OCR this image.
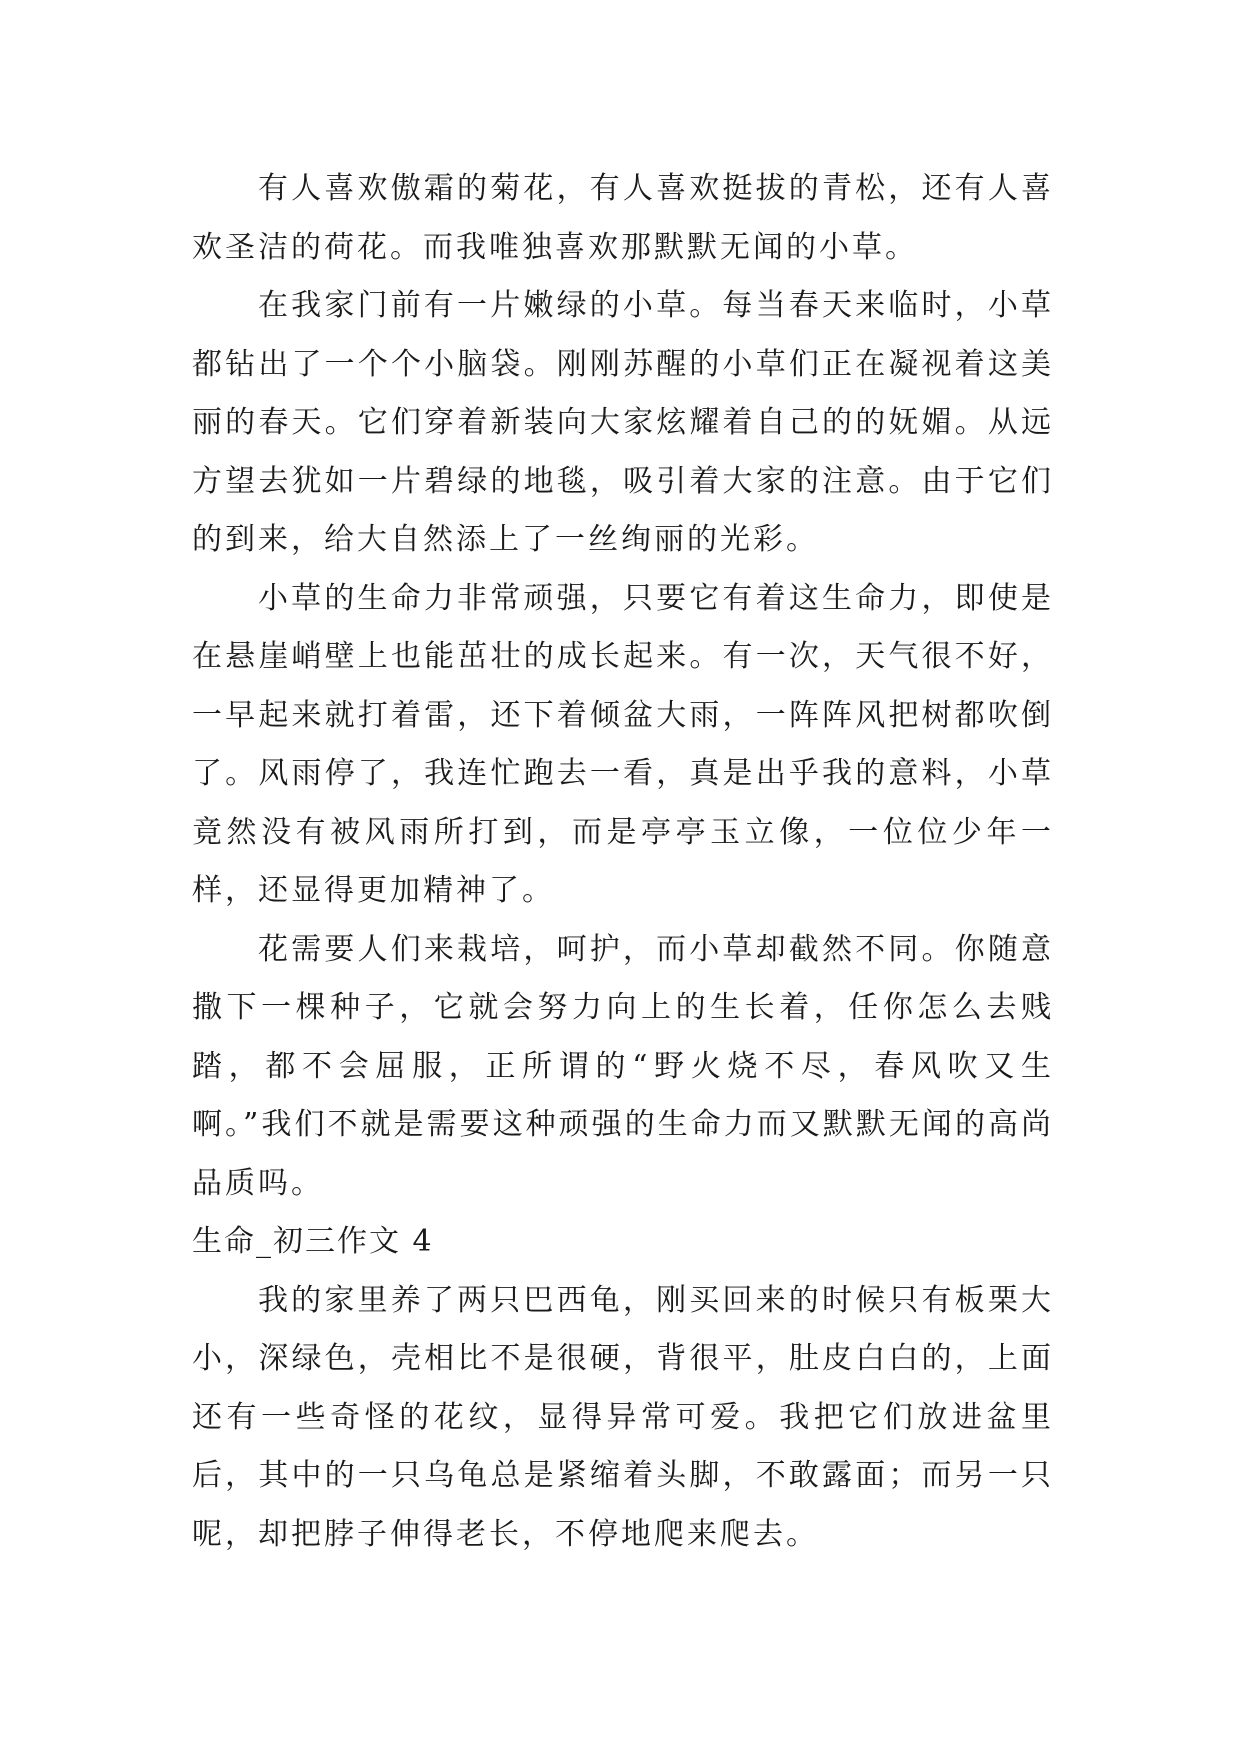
有人喜欢傲霜的菊花，有人喜欢挺拔的青松，还有人喜欢圣洁的荷花。而我唯独喜欢那默默无闻的小草。

在我家门前有一片嫩绿的小草。每当春天来临时，小草都钻出了一个个小脑袋。刚刚苏醒的小草们正在凝视着这美丽的春天。它们穿着新装向大家炫耀着自己的的妩媚。从远方望去犹如一片碧绿的地毯，吸引着大家的注意。由于它们的到来，给大自然添上了一丝绚丽的光彩。

小草的生命力非常顽强，只要它有着这生命力，即使是在悬崖峭壁上也能茁壮的成长起来。有一次，天气很不好，一早起来就打着雷，还下着倾盆大雨，一阵阵风把树都吹倒了。风雨停了，我连忙跑去一看，真是出乎我的意料，小草竟然没有被风雨所打到，而是亭亭玉立像，一位位少年一样，还显得更加精神了。

花需要人们来栽培，呵护，而小草却截然不同。你随意撒下一棵种子，它就会努力向上的生长着，任你怎么去贱踏，都不会屈服，正所谓的“野火烧不尽，春风吹又生啊。”我们不就是需要这种顽强的生命力而又默默无闻的高尚品质吗。

生命_初三作文 4

我的家里养了两只巴西龟，刚买回来的时候只有板栗大小，深绿色，壳相比不是很硬，背很平，肚皮白白的，上面还有一些奇怪的花纹，显得异常可爱。我把它们放进盆里后，其中的一只乌龟总是紧缩着头脚，不敢露面；而另一只呢，却把脖子伸得老长，不停地爬来爬去。
